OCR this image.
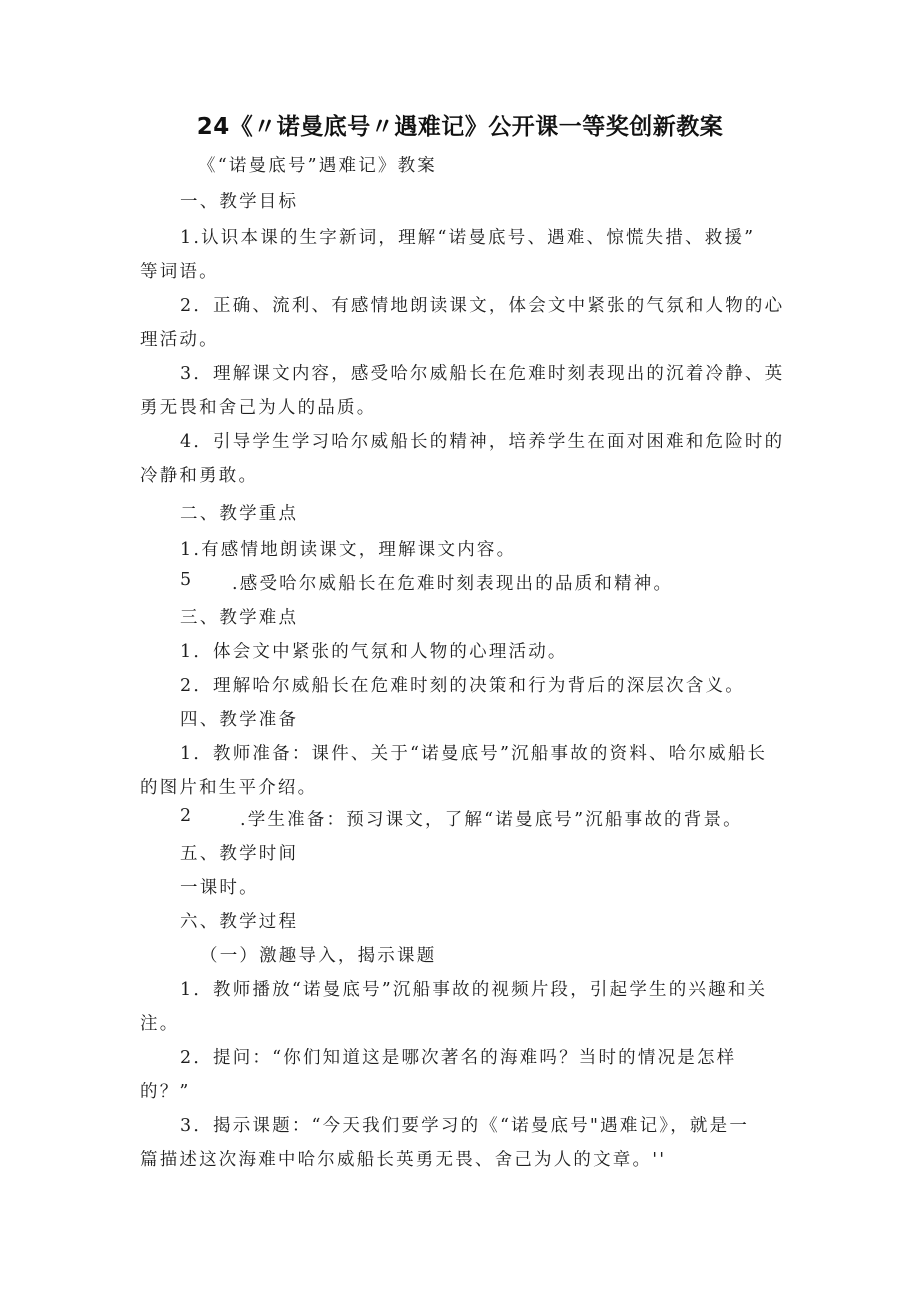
24《〃诺曼底号〃遇难记》公开课一等奖创新教案
《“诺曼底号”遇难记》教案
一、教学目标
1.认识本课的生字新词，理解“诺曼底号、遇难、惊慌失措、救援”
等词语。
2．正确、流利、有感情地朗读课文，体会文中紧张的气氛和人物的心
理活动。
3．理解课文内容，感受哈尔威船长在危难时刻表现出的沉着冷静、英
勇无畏和舍己为人的品质。
4．引导学生学习哈尔威船长的精神，培养学生在面对困难和危险时的
冷静和勇敢。
二、教学重点
1.有感情地朗读课文，理解课文内容。
5 .感受哈尔威船长在危难时刻表现出的品质和精神。
三、教学难点
1．体会文中紧张的气氛和人物的心理活动。
2．理解哈尔威船长在危难时刻的决策和行为背后的深层次含义。
四、教学准备
1．教师准备：课件、关于“诺曼底号”沉船事故的资料、哈尔威船长
的图片和生平介绍。
2	.学生准备：预习课文，了解“诺曼底号”沉船事故的背景。
五、教学时间
一课时。
六、教学过程
（一）激趣导入，揭示课题
1．教师播放“诺曼底号”沉船事故的视频片段，引起学生的兴趣和关
注。
2．提问：“你们知道这是哪次著名的海难吗？当时的情况是怎样
的？”
3．揭示课题：“今天我们要学习的《“诺曼底号"遇难记》，就是一
篇描述这次海难中哈尔威船长英勇无畏、舍己为人的文章。''
